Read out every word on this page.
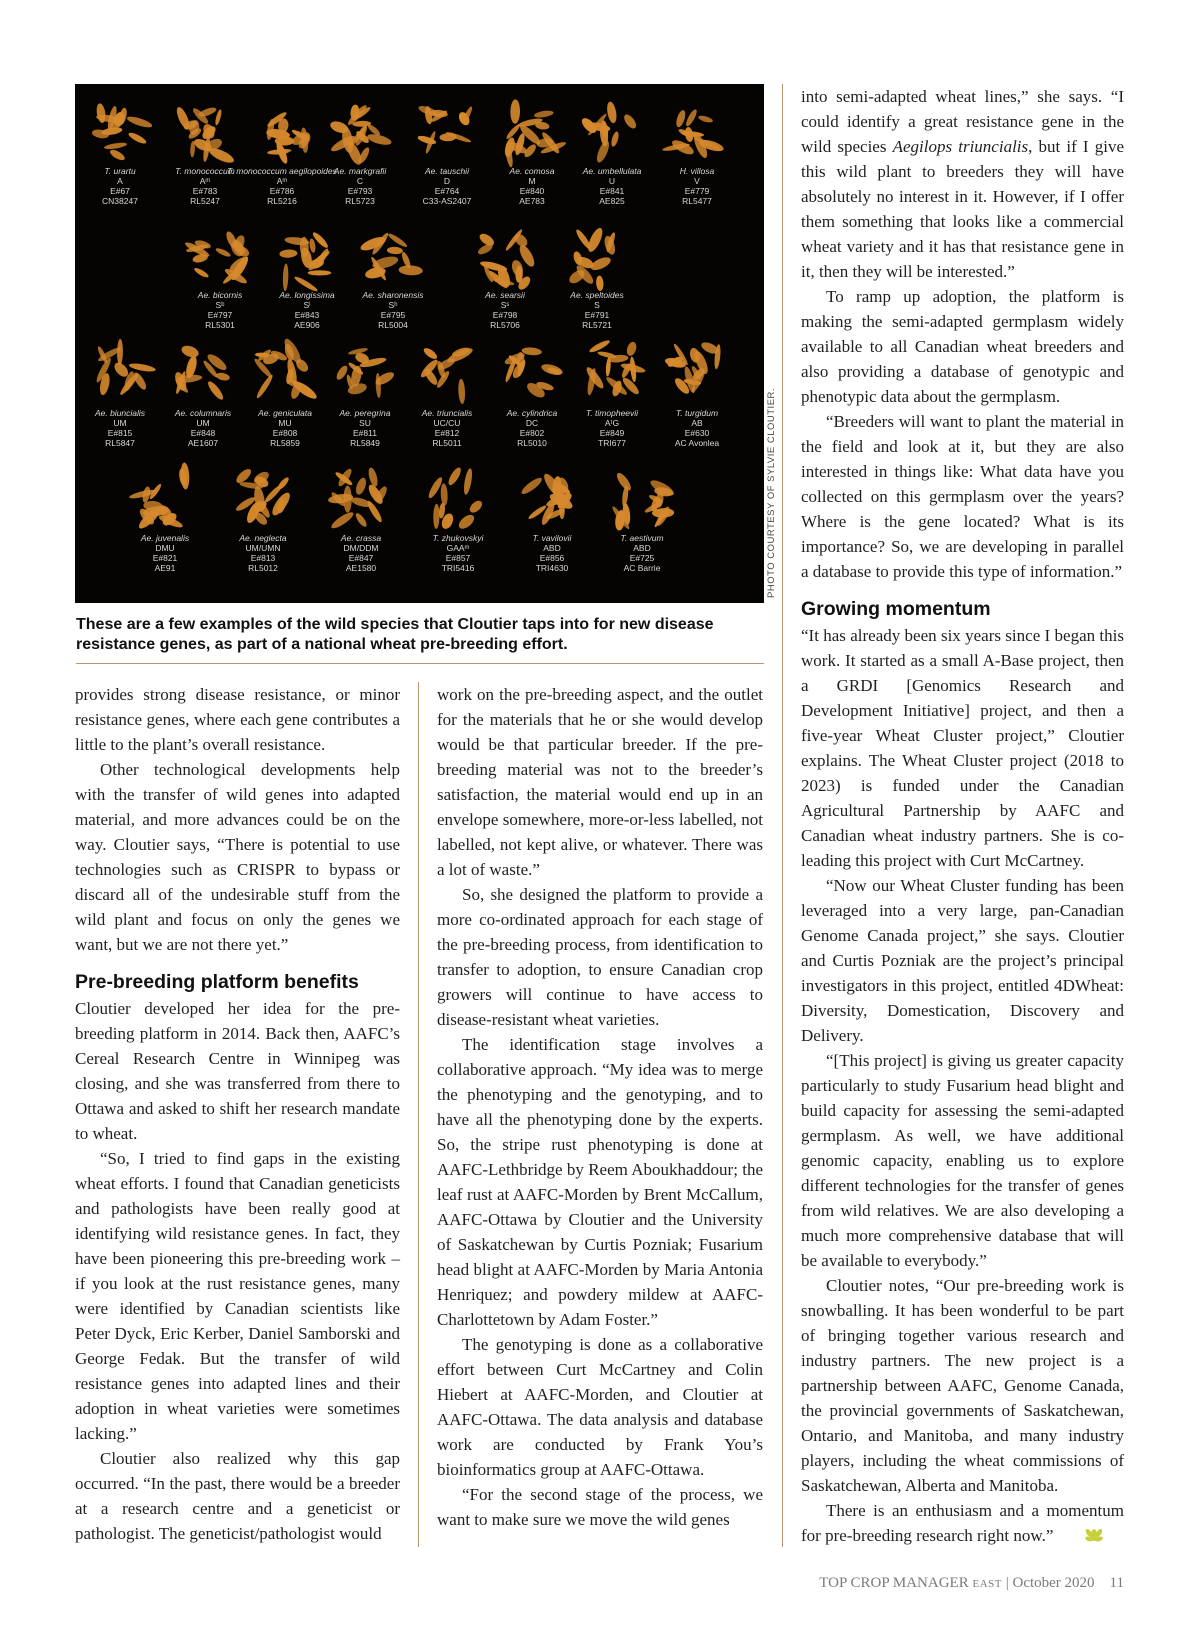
T. urartu
A
E#67
CN38247
T. monococcum
Aᵐ
E#783
RL5247
T. monococcum aegilopoides
Aᵐ
E#786
RL5216
Ae. markgrafii
C
E#793
RL5723
Ae. tauschii
D
E#764
C33-AS2407
Ae. comosa
M
E#840
AE783
Ae. umbellulata
U
E#841
AE825
H. villosa
V
E#779
RL5477
Ae. bicornis
Sᵇ
E#797
RL5301
Ae. longissima
Sˡ
E#843
AE906
Ae. sharonensis
Sʰ
E#795
RL5004
Ae. searsii
Sˢ
E#798
RL5706
Ae. speltoides
S
E#791
RL5721
Ae. biuncialis
UM
E#815
RL5847
Ae. columnaris
UM
E#848
AE1607
Ae. geniculata
MU
E#808
RL5859
Ae. peregrina
SU
E#811
RL5849
Ae. triuncialis
UC/CU
E#812
RL5011
Ae. cylindrica
DC
E#802
RL5010
T. timopheevii
AᵗG
E#849
TRI677
T. turgidum
AB
E#630
AC Avonlea
Ae. juvenalis
DMU
E#821
AE91
Ae. neglecta
UM/UMN
E#813
RL5012
Ae. crassa
DM/DDM
E#847
AE1580
T. zhukovskyi
GAAᵐ
E#857
TRI5416
T. vavilovii
ABD
E#856
TRI4630
T. aestivum
ABD
E#725
AC Barrie	PHOTO COURTESY OF SYLVIE CLOUTIER.
These are a few examples of the wild species that Cloutier taps into for new disease resistance genes, as part of a national wheat pre-breeding effort.

provides strong disease resistance, or minor resistance genes, where each gene contributes a little to the plant’s overall resistance.

Other technological developments help with the transfer of wild genes into adapted material, and more advances could be on the way. Cloutier says, “There is potential to use technologies such as CRISPR to bypass or discard all of the undesirable stuff from the wild plant and focus on only the genes we want, but we are not there yet.”

Pre-breeding platform benefits

Cloutier developed her idea for the pre-breeding platform in 2014. Back then, AAFC’s Cereal Research Centre in Winnipeg was closing, and she was transferred from there to Ottawa and asked to shift her research mandate to wheat.

“So, I tried to find gaps in the existing wheat efforts. I found that Canadian geneticists and pathologists have been really good at identifying wild resistance genes. In fact, they have been pioneering this pre-breeding work – if you look at the rust resistance genes, many were identified by Canadian scientists like Peter Dyck, Eric Kerber, Daniel Samborski and George Fedak. But the transfer of wild resistance genes into adapted lines and their adoption in wheat varieties were sometimes lacking.”

Cloutier also realized why this gap occurred. “In the past, there would be a breeder at a research centre and a geneticist or pathologist. The geneticist/pathologist would

work on the pre-breeding aspect, and the outlet for the materials that he or she would develop would be that particular breeder. If the pre-breeding material was not to the breeder’s satisfaction, the material would end up in an envelope somewhere, more-or-less labelled, not labelled, not kept alive, or whatever. There was a lot of waste.”

So, she designed the platform to provide a more co-ordinated approach for each stage of the pre-breeding process, from identification to transfer to adoption, to ensure Canadian crop growers will continue to have access to disease-resistant wheat varieties.

The identification stage involves a collaborative approach. “My idea was to merge the phenotyping and the genotyping, and to have all the phenotyping done by the experts. So, the stripe rust phenotyping is done at AAFC-Lethbridge by Reem Aboukhaddour; the leaf rust at AAFC-Morden by Brent McCallum, AAFC-Ottawa by Cloutier and the University of Saskatchewan by Curtis Pozniak; Fusarium head blight at AAFC-Morden by Maria Antonia Henriquez; and powdery mildew at AAFC-Charlottetown by Adam Foster.”

The genotyping is done as a collaborative effort between Curt McCartney and Colin Hiebert at AAFC-Morden, and Cloutier at AAFC-Ottawa. The data analysis and database work are conducted by Frank You’s bioinformatics group at AAFC-Ottawa.

“For the second stage of the process, we want to make sure we move the wild genes

into semi-adapted wheat lines,” she says. “I could identify a great resistance gene in the wild species Aegilops triuncialis, but if I give this wild plant to breeders they will have absolutely no interest in it. However, if I offer them something that looks like a commercial wheat variety and it has that resistance gene in it, then they will be interested.”

To ramp up adoption, the platform is making the semi-adapted germplasm widely available to all Canadian wheat breeders and also providing a database of genotypic and phenotypic data about the germplasm.

“Breeders will want to plant the material in the field and look at it, but they are also interested in things like: What data have you collected on this germplasm over the years? Where is the gene located? What is its importance? So, we are developing in parallel a database to provide this type of information.”

Growing momentum

“It has already been six years since I began this work. It started as a small A-Base project, then a GRDI [Genomics Research and Development Initiative] project, and then a five-year Wheat Cluster project,” Cloutier explains. The Wheat Cluster project (2018 to 2023) is funded under the Canadian Agricultural Partnership by AAFC and Canadian wheat industry partners. She is co-leading this project with Curt McCartney.

“Now our Wheat Cluster funding has been leveraged into a very large, pan-Canadian Genome Canada project,” she says. Cloutier and Curtis Pozniak are the project’s principal investigators in this project, entitled 4DWheat: Diversity, Domestication, Discovery and Delivery.

“[This project] is giving us greater capacity particularly to study Fusarium head blight and build capacity for assessing the semi-adapted germplasm. As well, we have additional genomic capacity, enabling us to explore different technologies for the transfer of genes from wild relatives. We are also developing a much more comprehensive database that will be available to everybody.”

Cloutier notes, “Our pre-breeding work is snowballing. It has been wonderful to be part of bringing together various research and industry partners. The new project is a partnership between AAFC, Genome Canada, the provincial governments of Saskatchewan, Ontario, and Manitoba, and many industry players, including the wheat commissions of Saskatchewan, Alberta and Manitoba.

There is an enthusiasm and a momentum for pre-breeding research right now.”

TOP CROP MANAGER EAST | October 2020 11
